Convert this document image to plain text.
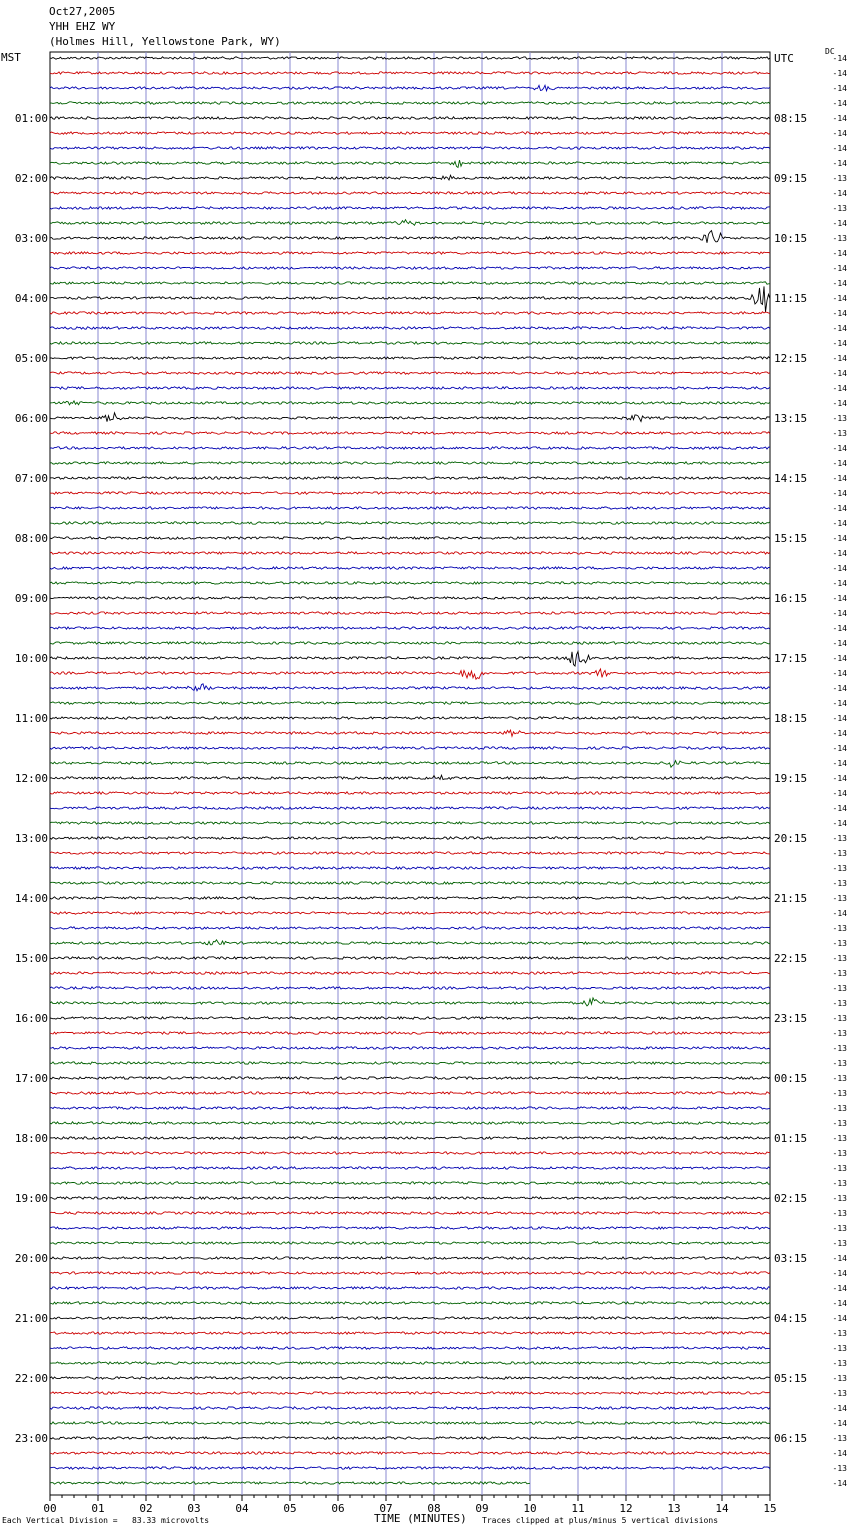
Oct27,2005
YHH EHZ WY
(Holmes Hill, Yellowstone Park, WY)
MST	DC
00	01	02	03	04	05	06	07	08	09	10	11	12	13	14	15
-14
-14
-14
-14
-14
-14
-14
-14
-13
-14
-13
-14
-13
-14
-14
-14
-14
-14
-14
-14
-14
-14
-14
-14
-13
-13
-14
-14
-14
-14
-14
-14
-14
-14
-14
-14
-14
-14
-14
-14
-14
-14
-14
-14
-14
-14
-14
-14
-14
-14
-14
-14
-13
-13
-13
-13
-13
-14
-13
-13
-13
-13
-13
-13
-13
-13
-13
-13
-13
-13
-13
-13
-13
-13
-13
-13
-13
-13
-13
-13
-14
-14
-14
-14
-14
-13
-13
-13
-13
-13
-14
-14
-13
-14
-13
-14
01:00
02:00
03:00
04:00
05:00
06:00
07:00
08:00
09:00
10:00
11:00
12:00
13:00
14:00
15:00
16:00
17:00
18:00
19:00
20:00
21:00
22:00
23:00
UTC
08:15
09:15
10:15
11:15
12:15
13:15
14:15
15:15
16:15
17:15
18:15
19:15
20:15
21:15
22:15
23:15
00:15
01:15
02:15
03:15
04:15
05:15
06:15
Each Vertical Division =   83.33 microvolts	TIME (MINUTES) Traces clipped at plus/minus 5 vertical divisions
